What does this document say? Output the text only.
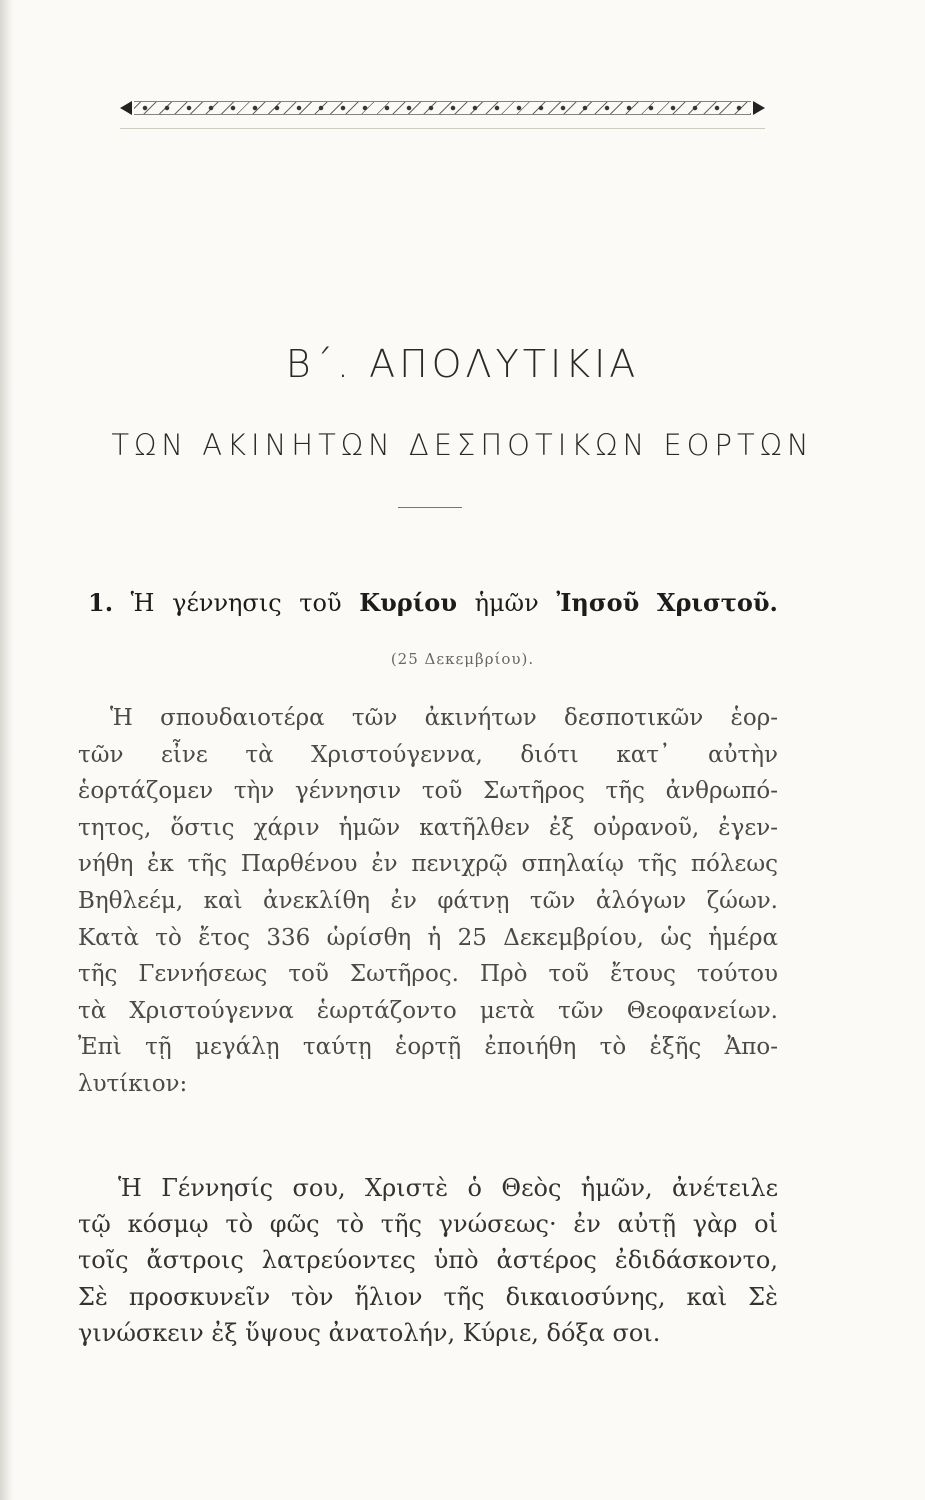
Β΄. ΑΠΟΛΥΤΙΚΙΑ
ΤΩΝ ΑΚΙΝΗΤΩΝ ΔΕΣΠΟΤΙΚΩΝ ΕΟΡΤΩΝ
1. Ἡ γέννησις τοῦ Κυρίου ἡμῶν Ἰησοῦ Χριστοῦ.
(25 Δεκεμβρίου).
Ἡ σπουδαιοτέρα τῶν ἀκινήτων δεσποτικῶν ἑορ-
τῶν εἶνε τὰ Χριστούγεννα, διότι κατ᾿ αὐτὴν
ἑορτάζομεν τὴν γέννησιν τοῦ Σωτῆρος τῆς ἀνθρωπό-
τητος, ὅστις χάριν ἡμῶν κατῆλθεν ἐξ οὐρανοῦ, ἐγεν-
νήθη ἐκ τῆς Παρθένου ἐν πενιχρῷ σπηλαίῳ τῆς πόλεως
Βηθλεέμ, καὶ ἀνεκλίθη ἐν φάτνῃ τῶν ἀλόγων ζώων.
Κατὰ τὸ ἔτος 336 ὡρίσθη ἡ 25 Δεκεμβρίου, ὡς ἡμέρα
τῆς Γεννήσεως τοῦ Σωτῆρος. Πρὸ τοῦ ἔτους τούτου
τὰ Χριστούγεννα ἑωρτάζοντο μετὰ τῶν Θεοφανείων.
Ἐπὶ τῇ μεγάλῃ ταύτῃ ἑορτῇ ἐποιήθη τὸ ἑξῆς Ἀπο-
λυτίκιον:
Ἡ Γέννησίς σου, Χριστὲ ὁ Θεὸς ἡμῶν, ἀνέτειλε
τῷ κόσμῳ τὸ φῶς τὸ τῆς γνώσεως· ἐν αὐτῇ γὰρ οἱ
τοῖς ἄστροις λατρεύοντες ὑπὸ ἀστέρος ἐδιδάσκοντο,
Σὲ προσκυνεῖν τὸν ἥλιον τῆς δικαιοσύνης, καὶ Σὲ
γινώσκειν ἐξ ὕψους ἀνατολήν, Κύριε, δόξα σοι.
